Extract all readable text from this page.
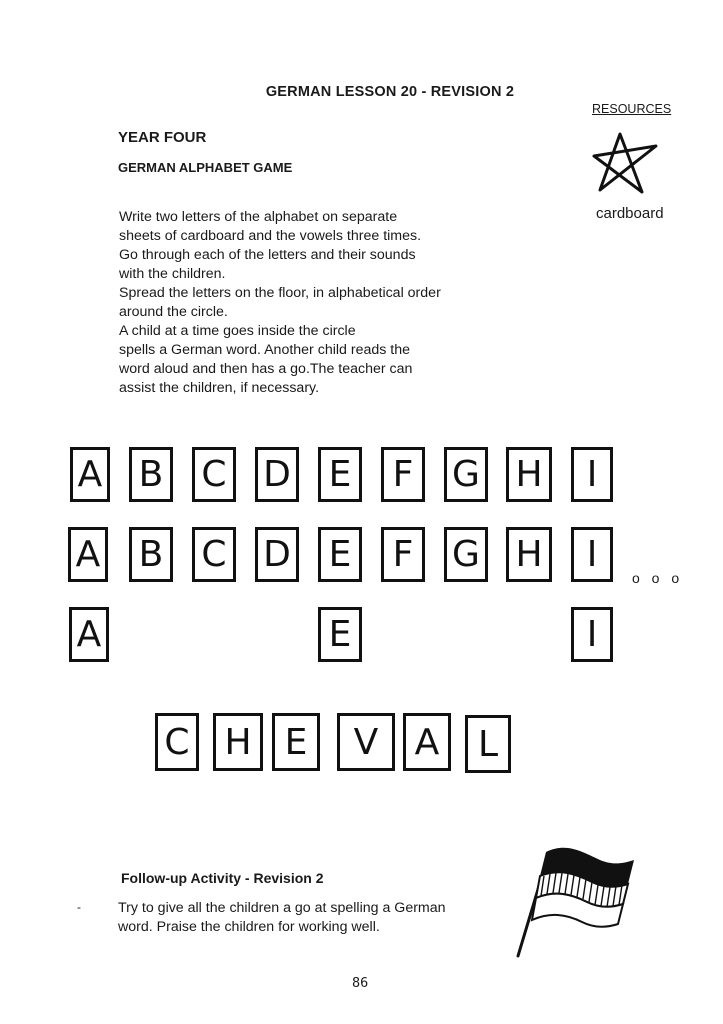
GERMAN LESSON 20 - REVISION 2
RESOURCES
YEAR FOUR
GERMAN ALPHABET GAME
Write two letters of the alphabet on separate
sheets of cardboard and the vowels three times.
Go through each of the letters and their sounds
with the children.
Spread the letters on the floor, in alphabetical order
around the circle.
A child at a time goes inside the circle
spells a German word. Another child reads the
word aloud and then has a go.The teacher can
assist the children, if necessary.
cardboard
A B C D E	F	G H	I
A B C D E	F	G H	I
o o o
A	E	I
C H E	V	A	L
Follow-up Activity - Revision 2
-	Try to give all the children a go at spelling a German
word. Praise the children for working well.
86
